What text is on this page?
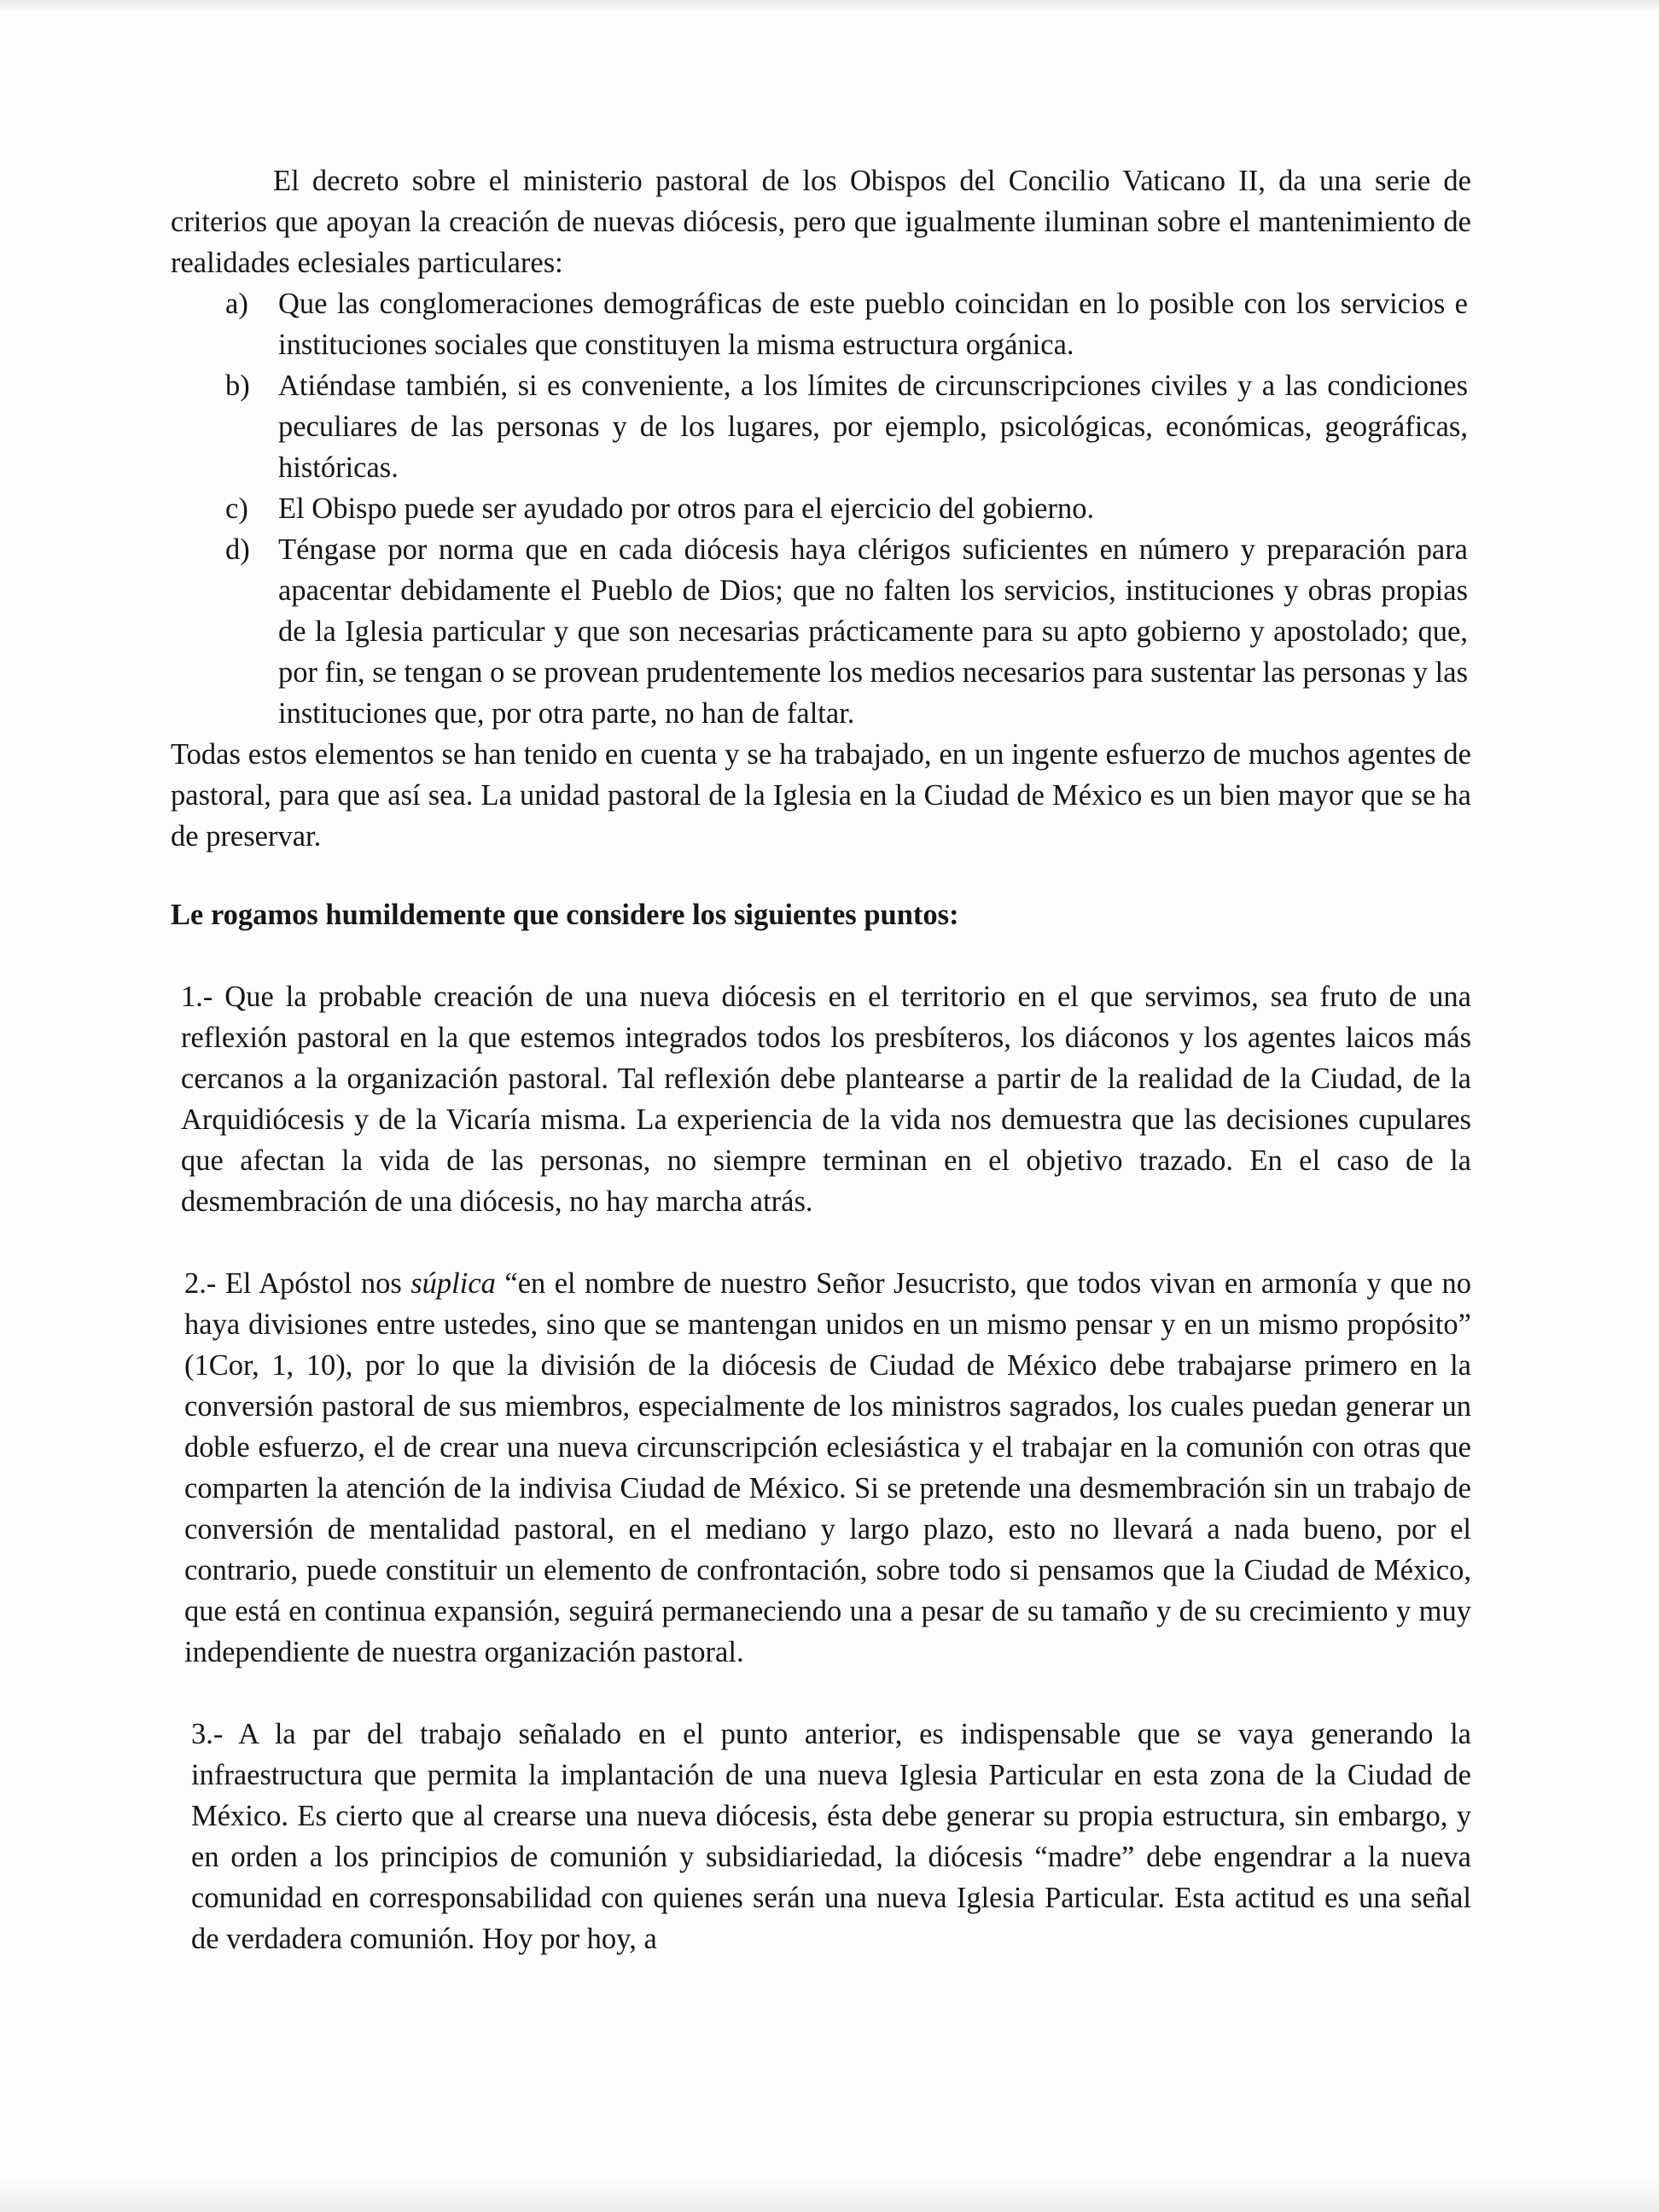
El decreto sobre el ministerio pastoral de los Obispos del Concilio Vaticano II, da una serie de criterios que apoyan la creación de nuevas diócesis, pero que igualmente iluminan sobre el mantenimiento de realidades eclesiales particulares:

a) Que las conglomeraciones demográficas de este pueblo coincidan en lo posible con los servicios e instituciones sociales que constituyen la misma estructura orgánica.
b) Atiéndase también, si es conveniente, a los límites de circunscripciones civiles y a las condiciones peculiares de las personas y de los lugares, por ejemplo, psicológicas, económicas, geográficas, históricas.
c) El Obispo puede ser ayudado por otros para el ejercicio del gobierno.
d) Téngase por norma que en cada diócesis haya clérigos suficientes en número y preparación para apacentar debidamente el Pueblo de Dios; que no falten los servicios, instituciones y obras propias de la Iglesia particular y que son necesarias prácticamente para su apto gobierno y apostolado; que, por fin, se tengan o se provean prudentemente los medios necesarios para sustentar las personas y las instituciones que, por otra parte, no han de faltar.

Todas estos elementos se han tenido en cuenta y se ha trabajado, en un ingente esfuerzo de muchos agentes de pastoral, para que así sea. La unidad pastoral de la Iglesia en la Ciudad de México es un bien mayor que se ha de preservar.

Le rogamos humildemente que considere los siguientes puntos:

1.- Que la probable creación de una nueva diócesis en el territorio en el que servimos, sea fruto de una reflexión pastoral en la que estemos integrados todos los presbíteros, los diáconos y los agentes laicos más cercanos a la organización pastoral. Tal reflexión debe plantearse a partir de la realidad de la Ciudad, de la Arquidiócesis y de la Vicaría misma. La experiencia de la vida nos demuestra que las decisiones cupulares que afectan la vida de las personas, no siempre terminan en el objetivo trazado. En el caso de la desmembración de una diócesis, no hay marcha atrás.

2.- El Apóstol nos súplica “en el nombre de nuestro Señor Jesucristo, que todos vivan en armonía y que no haya divisiones entre ustedes, sino que se mantengan unidos en un mismo pensar y en un mismo propósito” (1Cor, 1, 10), por lo que la división de la diócesis de Ciudad de México debe trabajarse primero en la conversión pastoral de sus miembros, especialmente de los ministros sagrados, los cuales puedan generar un doble esfuerzo, el de crear una nueva circunscripción eclesiástica y el trabajar en la comunión con otras que comparten la atención de la indivisa Ciudad de México. Si se pretende una desmembración sin un trabajo de conversión de mentalidad pastoral, en el mediano y largo plazo, esto no llevará a nada bueno, por el contrario, puede constituir un elemento de confrontación, sobre todo si pensamos que la Ciudad de México, que está en continua expansión, seguirá permaneciendo una a pesar de su tamaño y de su crecimiento y muy independiente de nuestra organización pastoral.

3.- A la par del trabajo señalado en el punto anterior, es indispensable que se vaya generando la infraestructura que permita la implantación de una nueva Iglesia Particular en esta zona de la Ciudad de México. Es cierto que al crearse una nueva diócesis, ésta debe generar su propia estructura, sin embargo, y en orden a los principios de comunión y subsidiariedad, la diócesis “madre” debe engendrar a la nueva comunidad en corresponsabilidad con quienes serán una nueva Iglesia Particular. Esta actitud es una señal de verdadera comunión. Hoy por hoy, a
